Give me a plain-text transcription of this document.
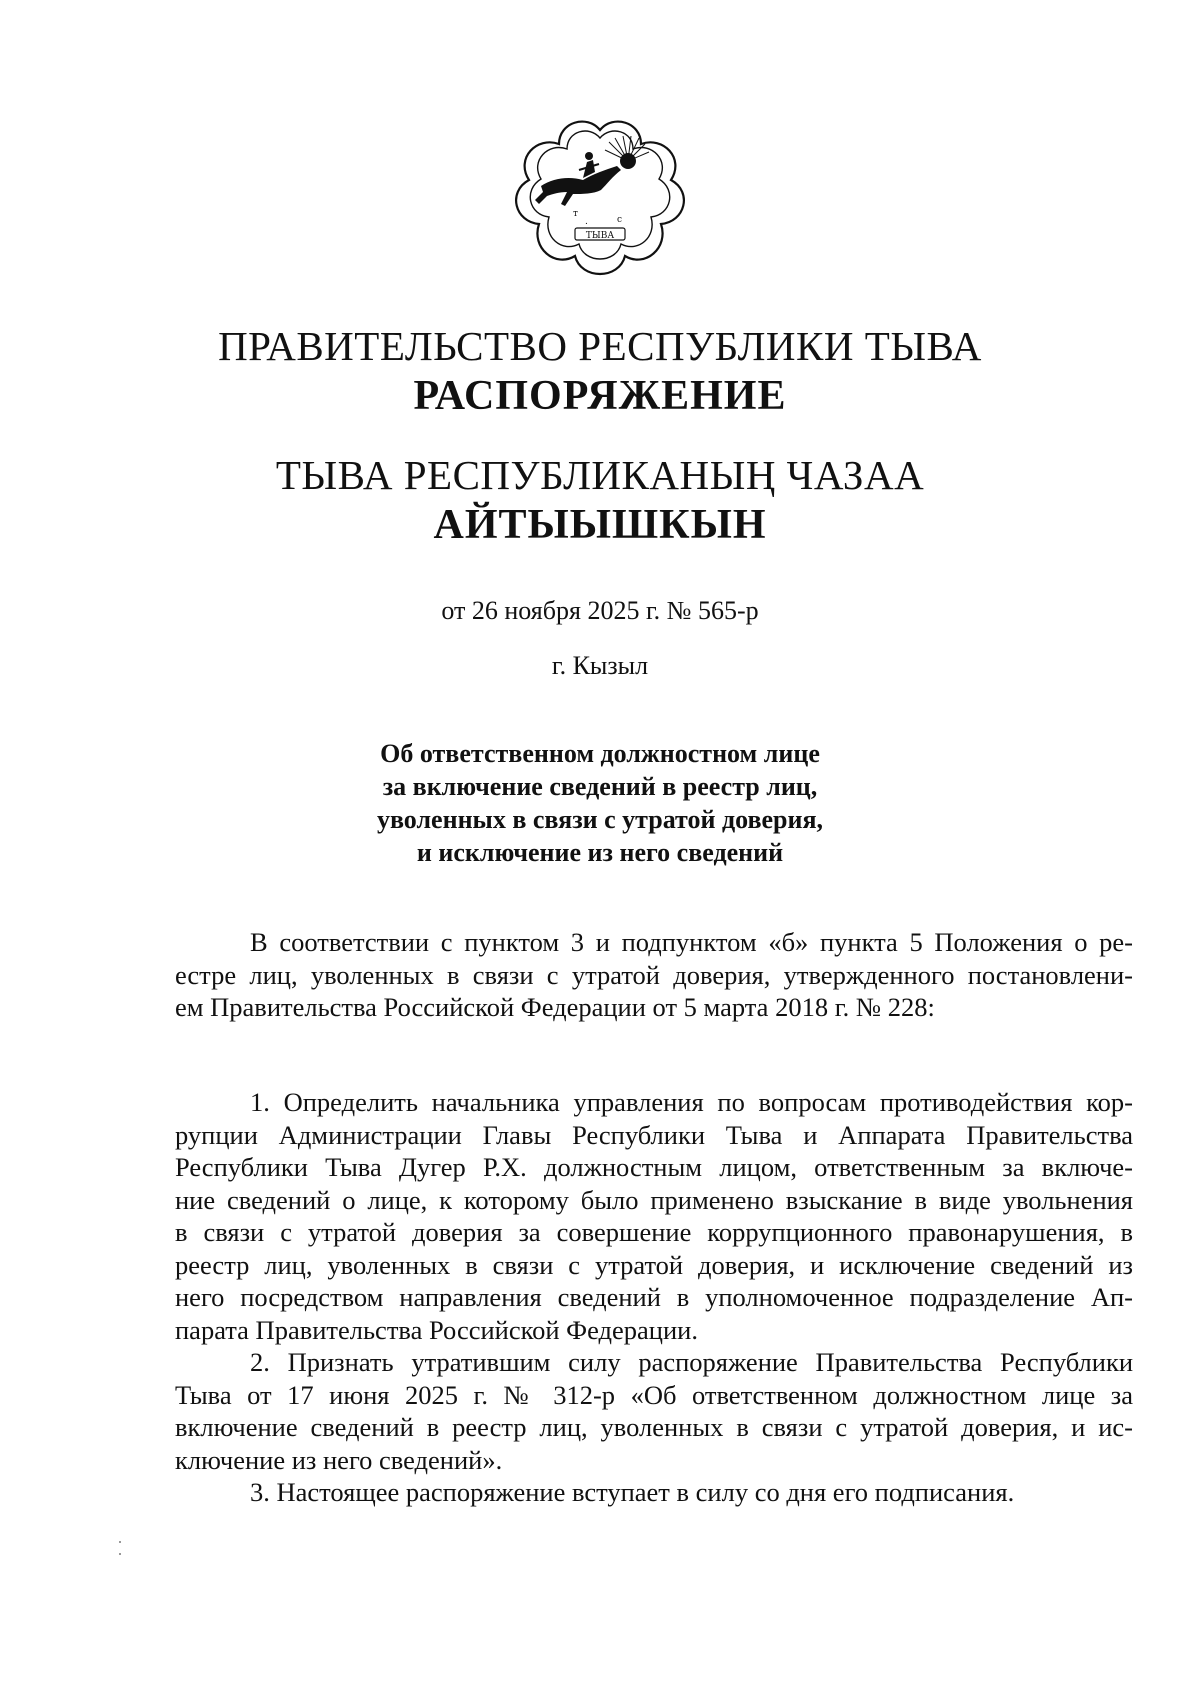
т
.	с
ТЫВА
ПРАВИТЕЛЬСТВО РЕСПУБЛИКИ ТЫВА
РАСПОРЯЖЕНИЕ
ТЫВА РЕСПУБЛИКАНЫҢ ЧАЗАА
АЙТЫЫШКЫН
от 26 ноября 2025 г. № 565-р
г. Кызыл
Об ответственном должностном лице
за включение сведений в реестр лиц,
уволенных в связи с утратой доверия,
и исключение из него сведений
В соответствии с пунктом 3 и подпунктом «б» пункта 5 Положения о ре-
естре лиц, уволенных в связи с утратой доверия, утвержденного постановлени-
ем Правительства Российской Федерации от 5 марта 2018 г. № 228:
1. Определить начальника управления по вопросам противодействия кор-
рупции Администрации Главы Республики Тыва и Аппарата Правительства
Республики Тыва Дугер Р.Х. должностным лицом, ответственным за включе-
ние сведений о лице, к которому было применено взыскание в виде увольнения
в связи с утратой доверия за совершение коррупционного правонарушения, в
реестр лиц, уволенных в связи с утратой доверия, и исключение сведений из
него посредством направления сведений в уполномоченное подразделение Ап-
парата Правительства Российской Федерации.
2. Признать утратившим силу распоряжение Правительства Республики
Тыва от 17 июня 2025 г. № 312-р «Об ответственном должностном лице за
включение сведений в реестр лиц, уволенных в связи с утратой доверия, и ис-
ключение из него сведений».
3. Настоящее распоряжение вступает в силу со дня его подписания.
